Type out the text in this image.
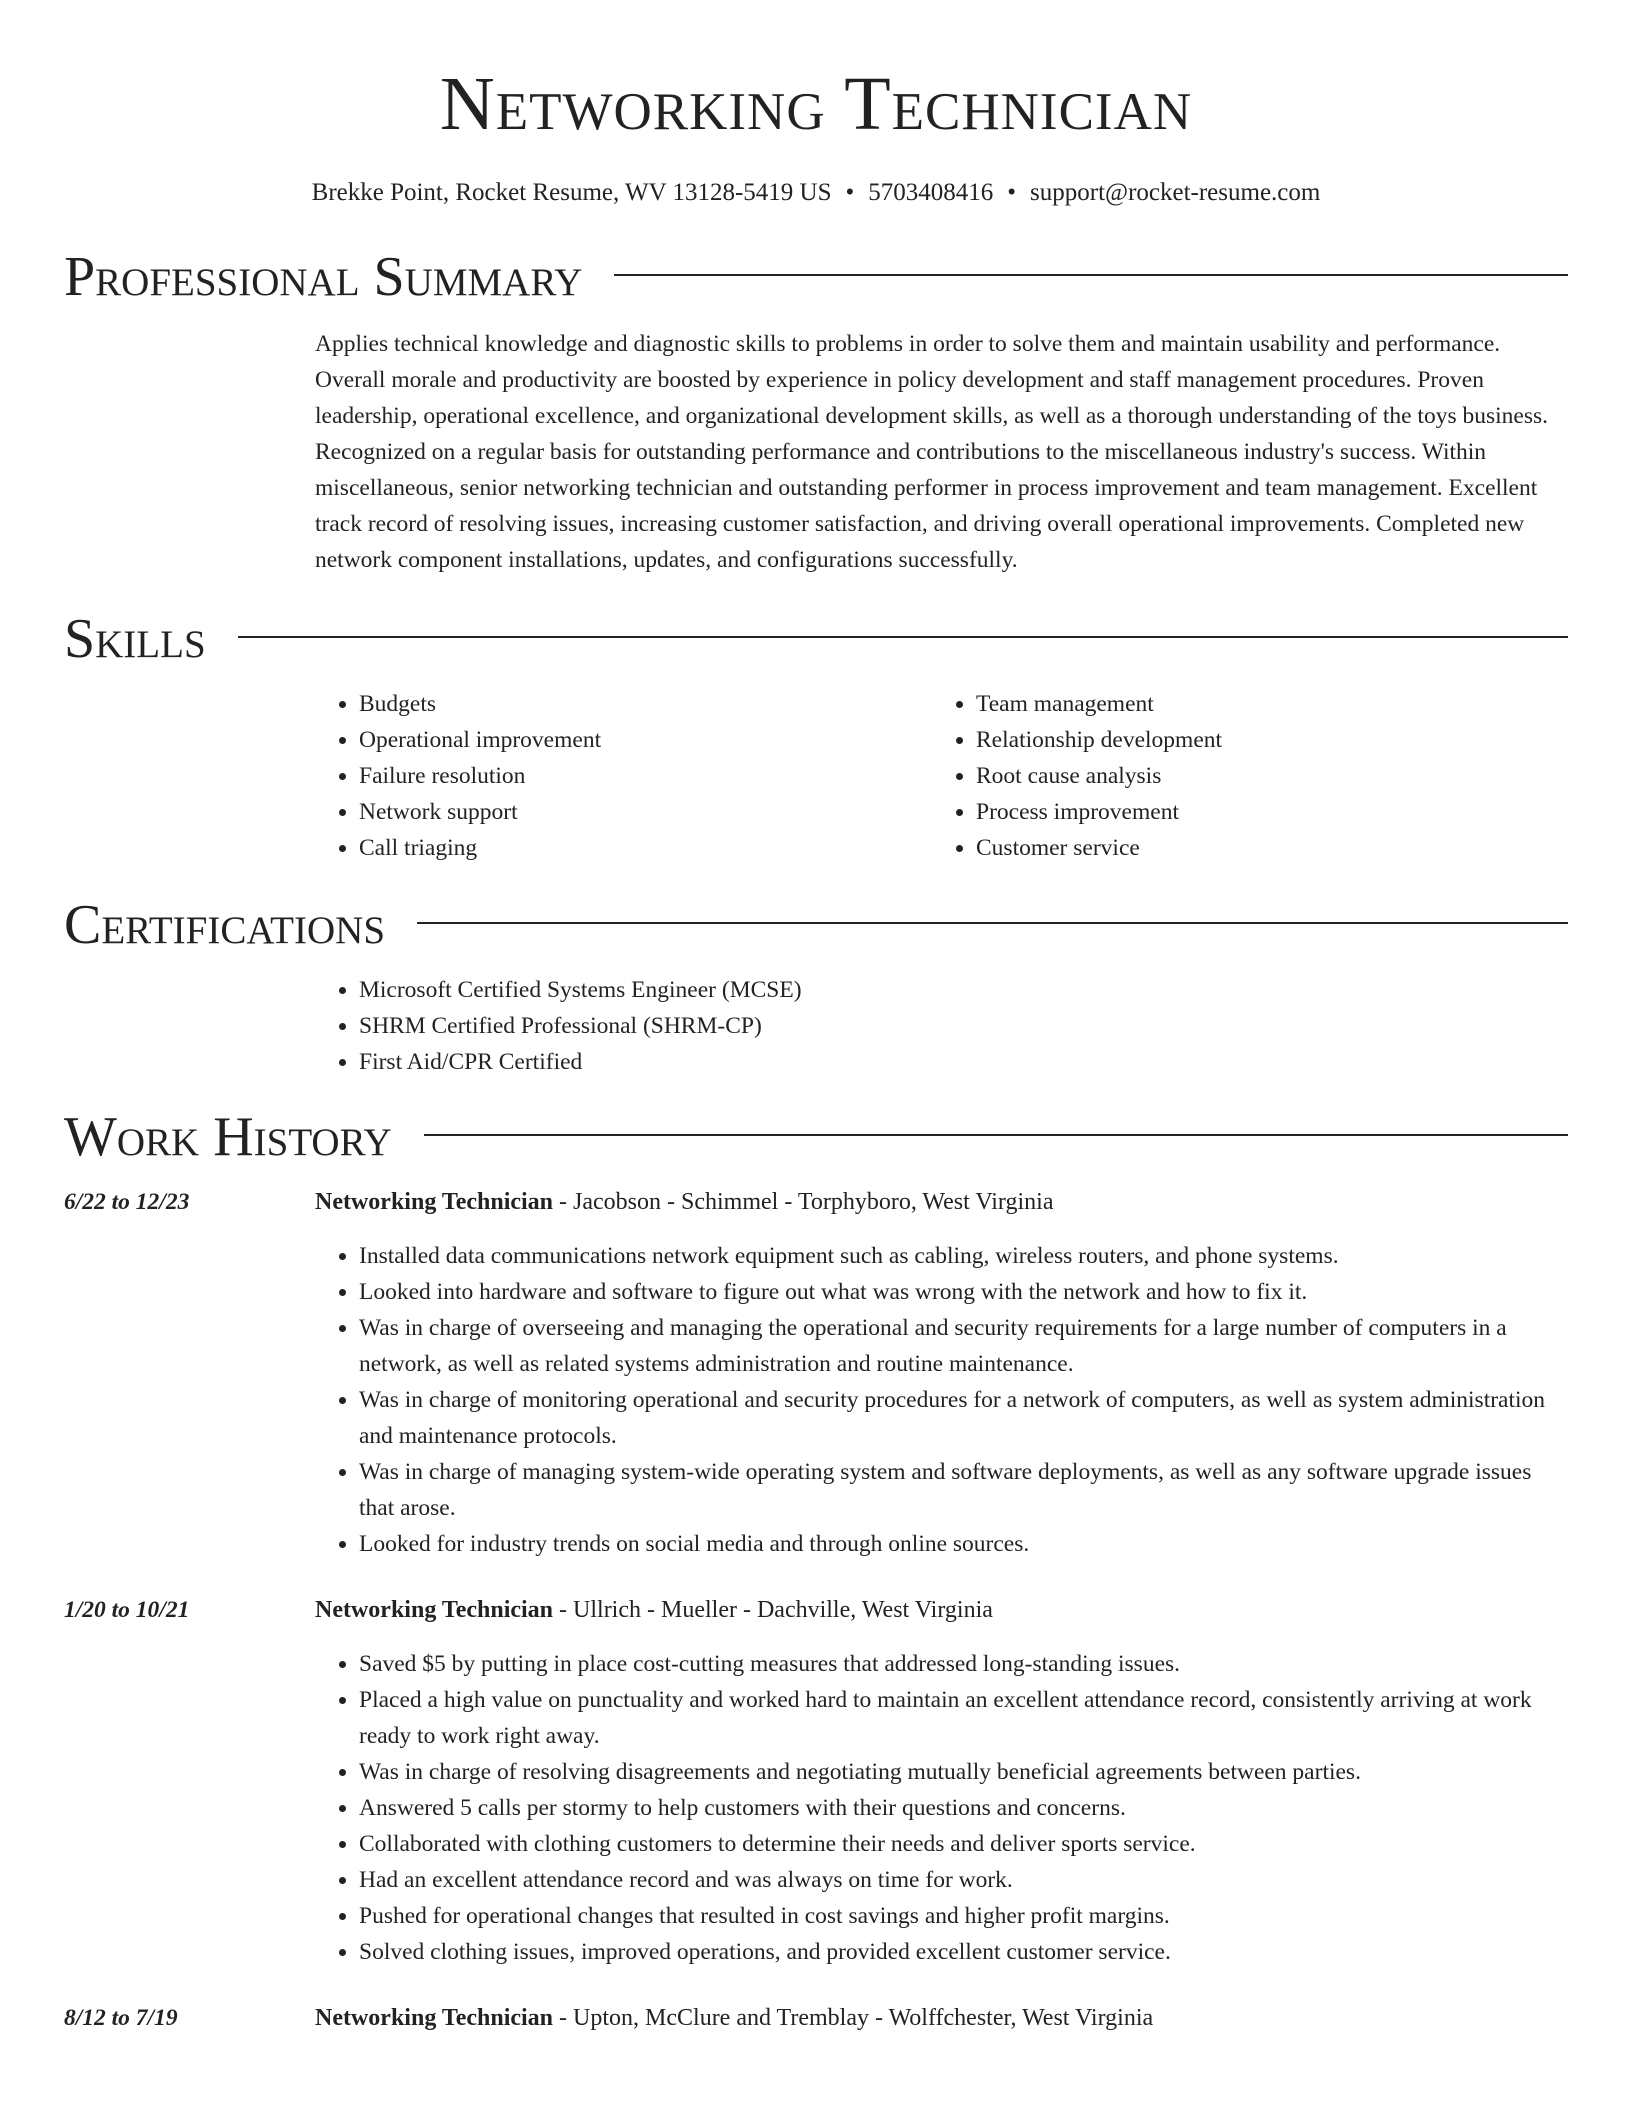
Networking Technician
Brekke Point, Rocket Resume, WV 13128-5419 US • 5703408416 • support@rocket-resume.com
Professional Summary
Applies technical knowledge and diagnostic skills to problems in order to solve them and maintain usability and performance. Overall morale and productivity are boosted by experience in policy development and staff management procedures. Proven leadership, operational excellence, and organizational development skills, as well as a thorough understanding of the toys business. Recognized on a regular basis for outstanding performance and contributions to the miscellaneous industry's success. Within miscellaneous, senior networking technician and outstanding performer in process improvement and team management. Excellent track record of resolving issues, increasing customer satisfaction, and driving overall operational improvements. Completed new network component installations, updates, and configurations successfully.
Skills
• Budgets
• Operational improvement
• Failure resolution
• Network support
• Call triaging
• Team management
• Relationship development
• Root cause analysis
• Process improvement
• Customer service
Certifications
• Microsoft Certified Systems Engineer (MCSE)
• SHRM Certified Professional (SHRM-CP)
• First Aid/CPR Certified
Work History
6/22 to 12/23	Networking Technician - Jacobson - Schimmel - Torphyboro, West Virginia
• Installed data communications network equipment such as cabling, wireless routers, and phone systems.
• Looked into hardware and software to figure out what was wrong with the network and how to fix it.
• Was in charge of overseeing and managing the operational and security requirements for a large number of computers in a network, as well as related systems administration and routine maintenance.
• Was in charge of monitoring operational and security procedures for a network of computers, as well as system administration and maintenance protocols.
• Was in charge of managing system-wide operating system and software deployments, as well as any software upgrade issues that arose.
• Looked for industry trends on social media and through online sources.
1/20 to 10/21	Networking Technician - Ullrich - Mueller - Dachville, West Virginia
• Saved $5 by putting in place cost-cutting measures that addressed long-standing issues.
• Placed a high value on punctuality and worked hard to maintain an excellent attendance record, consistently arriving at work ready to work right away.
• Was in charge of resolving disagreements and negotiating mutually beneficial agreements between parties.
• Answered 5 calls per stormy to help customers with their questions and concerns.
• Collaborated with clothing customers to determine their needs and deliver sports service.
• Had an excellent attendance record and was always on time for work.
• Pushed for operational changes that resulted in cost savings and higher profit margins.
• Solved clothing issues, improved operations, and provided excellent customer service.
8/12 to 7/19	Networking Technician - Upton, McClure and Tremblay - Wolffchester, West Virginia
